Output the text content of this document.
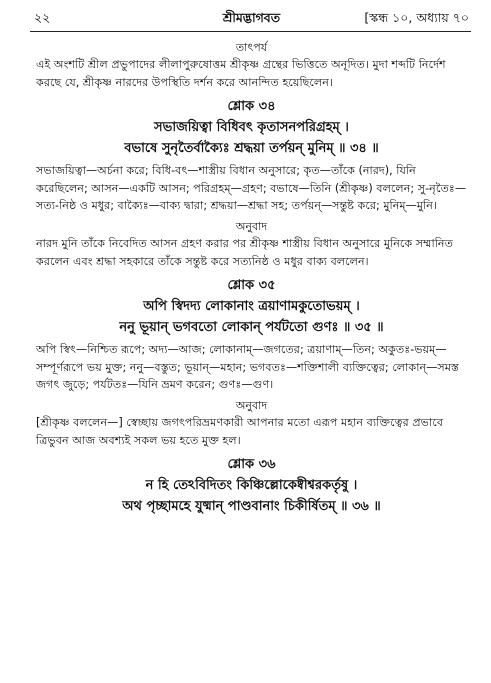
২২	শ্রীমদ্ভাগবত	[স্কন্ধ ১০, অধ্যায় ৭০

তাৎপর্য

এই অংশটি শ্রীল প্রভুপাদের লীলাপুরুষোত্তম শ্রীকৃষ্ণ গ্রন্থের ভিত্তিতে অনূদিত। মুদা শব্দটি নির্দেশ করছে যে, শ্রীকৃষ্ণ নারদের উপস্থিতি দর্শন করে আনন্দিত হয়েছিলেন।

শ্লোক ৩৪

সভাজয়িত্বা বিধিবৎ কৃতাসনপরিগ্রহম্ ।

বভাষে সুনৃতৈর্বাক্যৈঃ শ্রদ্ধয়া তর্পয়ন্ মুনিম্ ॥ ৩৪ ॥

সভাজয়িত্বা—অর্চনা করে; বিধি-বৎ—শাস্ত্রীয় বিধান অনুসারে; কৃত—তাঁকে (নারদ), যিনি করেছিলেন; আসন—একটি আসন; পরিগ্রহম্—গ্রহণ; বভাষে—তিনি (শ্রীকৃষ্ণ) বললেন; সু-নৃতৈঃ—সত্য-নিষ্ঠ ও মধুর; বাক্যৈঃ—বাক্য দ্বারা; শ্রদ্ধয়া—শ্রদ্ধা সহ; তর্পয়ন্—সন্তুষ্ট করে; মুনিম্—মুনি।

অনুবাদ

নারদ মুনি তাঁকে নিবেদিত আসন গ্রহণ করার পর শ্রীকৃষ্ণ শাস্ত্রীয় বিধান অনুসারে মুনিকে সম্মানিত করলেন এবং শ্রদ্ধা সহকারে তাঁকে সন্তুষ্ট করে সত্যনিষ্ঠ ও মধুর বাক্য বললেন।

শ্লোক ৩৫

অপি স্বিদদ্য লোকানাং ত্রয়াণামকুতোভয়ম্ ।

ননু ভূয়ান্ ভগবতো লোকান্ পর্যটতো গুণঃ ॥ ৩৫ ॥

অপি স্বিৎ—নিশ্চিত রূপে; অদ্য—আজ; লোকানাম্—জগতের; ত্রয়াণাম্—তিন; অকুতঃ-ভয়ম্—সম্পূর্ণরূপে ভয় মুক্ত; ননু—বস্তুত; ভূয়ান্—মহান; ভগবতঃ—শক্তিশালী ব্যক্তিত্বের; লোকান্—সমস্ত জগৎ জুড়ে; পর্যটতঃ—যিনি ভ্রমণ করেন; গুণঃ—গুণ।

অনুবাদ

[শ্রীকৃষ্ণ বললেন—] স্বেচ্ছায় জগৎপরিভ্রমণকারী আপনার মতো এরূপ মহান ব্যক্তিত্বের প্রভাবে ত্রিভুবন আজ অবশ্যই সকল ভয় হতে মুক্ত হল।

শ্লোক ৩৬

ন হি তেঽবিদিতং কিঞ্চিল্লোকেষ্বীশ্বরকর্তৃষু ।

অথ পৃচ্ছামহে যুষ্মান্ পাণ্ডবানাং চিকীর্ষিতম্ ॥ ৩৬ ॥
